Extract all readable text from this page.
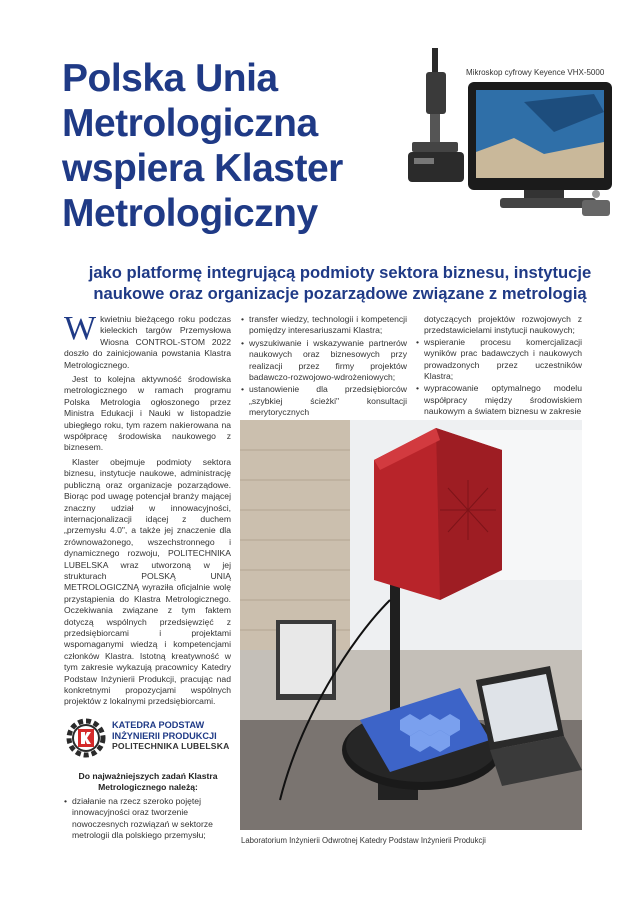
Polska Unia
Metrologiczna
wspiera Klaster
Metrologiczny
Mikroskop cyfrowy Keyence VHX-5000
jako platformę integrującą podmioty sektora biznesu, instytucje
naukowe oraz organizacje pozarządowe związane z metrologią

Wkwietniu bieżącego roku podczas kieleckich targów Przemysłowa Wiosna CONTROL-STOM 2022 doszło do zainicjowania powstania Klastra Metrologicznego.

Jest to kolejna aktywność środowiska metrologicznego w ramach programu Polska Metrologia ogłoszonego przez Ministra Edukacji i Nauki w listopadzie ubiegłego roku, tym razem nakierowana na współpracę środowiska naukowego z biznesem.

Klaster obejmuje podmioty sektora biznesu, instytucje naukowe, administrację publiczną oraz organizacje pozarządowe. Biorąc pod uwagę potencjał branży mającej znaczny udział w innowacyjności, internacjonalizacji idącej z duchem „przemysłu 4.0", a także jej znaczenie dla zrównoważonego, wszechstronnego i dynamicznego rozwoju, POLITECHNIKA LUBELSKA wraz utworzoną w jej strukturach POLSKĄ UNIĄ METROLOGICZNĄ wyraziła oficjalnie wolę przystąpienia do Klastra Metrologicznego. Oczekiwania związane z tym faktem dotyczą wspólnych przedsięwzięć z przedsiębiorcami i projektami wspomaganymi wiedzą i kompetencjami członków Klastra. Istotną kreatywność w tym zakresie wykazują pracownicy Katedry Podstaw Inżynierii Produkcji, pracując nad konkretnymi propozycjami wspólnych projektów z lokalnymi przedsiębiorcami.

KATEDRA PODSTAW
INŻYNIERII PRODUKCJI
POLITECHNIKA LUBELSKA
Do najważniejszych zadań Klastra Metrologicznego należą:
• działanie na rzecz szeroko pojętej innowacyjności oraz tworzenie nowoczesnych rozwiązań w sektorze metrologii dla polskiego przemysłu;
• transfer wiedzy, technologii i kompetencji pomiędzy interesariuszami Klastra;
• wyszukiwanie i wskazywanie partnerów naukowych oraz biznesowych przy realizacji przez firmy projektów badawczo-rozwojowo-wdrożeniowych;
• ustanowienie dla przedsiębiorców „szybkiej ścieżki" konsultacji merytorycznych
dotyczących projektów rozwojowych z przedstawicielami instytucji naukowych;
• wspieranie procesu komercjalizacji wyników prac badawczych i naukowych prowadzonych przez uczestników Klastra;
• wypracowanie optymalnego modelu współpracy między środowiskiem naukowym a światem biznesu w zakresie
Laboratorium Inżynierii Odwrotnej Katedry Podstaw Inżynierii Produkcji
